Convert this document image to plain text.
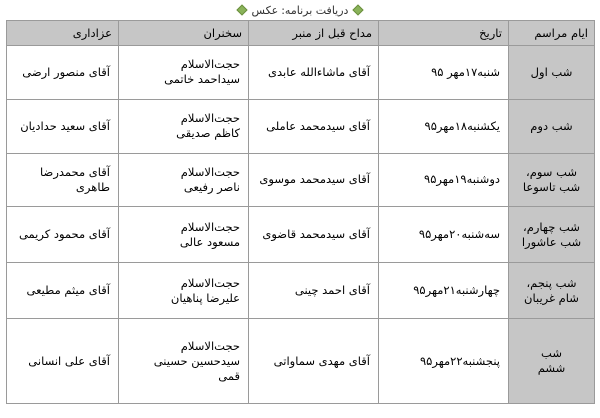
دریافت برنامه:
عکس
ایام مراسم	تاریخ	مداح قبل از منبر	سخنران	عزادارى
شب اول	شنبه۱۷مهر ۹۵	آقاى ماشاءالله عابدى	حجت‌الاسلام
سیداحمد خاتمی	آقاى منصور ارضى
شب دوم	یکشنبه۱۸مهر۹۵	آقاى سیدمحمد عاملى	حجت‌الاسلام
کاظم صدیقی	آقاى سعید حدادیان
شب سوم،
شب تاسوعا	دوشنبه۱۹مهر۹۵	آقاى سیدمحمد موسوى	حجت‌الاسلام
ناصر رفیعی	آقاى محمدرضا طاهرى
شب چهارم،
شب عاشورا	سه‌شنبه۲۰مهر۹۵	آقاى سیدمحمد قاضوى	حجت‌الاسلام
مسعود عالی	آقاى محمود کریمى
شب پنجم،
شام غریبان	چهارشنبه۲۱مهر۹۵	آقاى احمد چینى	حجت‌الاسلام
علیرضا پناهیان	آقاى میثم مطیعى
شب
ششم	پنجشنبه۲۲مهر۹۵	آقاى مهدى سماواتى	حجت‌الاسلام
سیدحسین حسینی
قمی	آقاى علی انسانی
